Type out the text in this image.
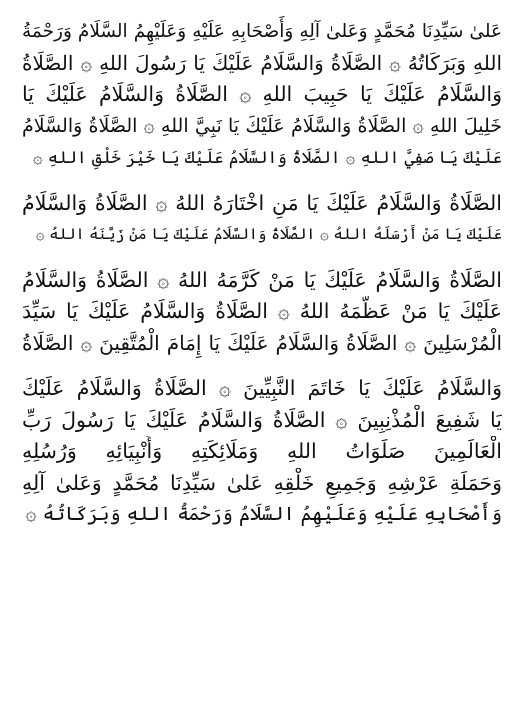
عَلىٰ سَيِّدِنَا مُحَمَّدٍ وَعَلىٰ آلِهِ وَأَصْحَابِهِ عَلَيْهِ وَعَلَيْهِمُ السَّلَامُ وَرَحْمَةُ
اللهِ وَبَرَكَاتُهُ ۞ الصَّلَاةُ وَالسَّلَامُ عَلَيْكَ يَا رَسُولَ اللهِ ۞ الصَّلَاةُ
وَالسَّلَامُ عَلَيْكَ يَا حَبِيبَ اللهِ ۞ الصَّلَاةُ وَالسَّلَامُ عَلَيْكَ يَا
خَلِيلَ اللهِ ۞ الصَّلَاةُ وَالسَّلَامُ عَلَيْكَ يَا نَبِيَّ اللهِ ۞ الصَّلَاةُ وَالسَّلَامُ
عَلَيْكَ يَا صَفِيَّ اللهِ ۞ الصَّلَاةُ وَالسَّلَامُ عَلَيْكَ يَا خَيْرَ خَلْقِ اللهِ ۞
الصَّلَاةُ وَالسَّلَامُ عَلَيْكَ يَا مَنِ اخْتَارَهُ اللهُ ۞ الصَّلَاةُ وَالسَّلَامُ
عَلَيْكَ يَا مَنْ أَرْسَلَهُ اللهُ ۞ الصَّلَاةُ وَالسَّلَامُ عَلَيْكَ يَا مَنْ زَيَّنَهُ اللهُ ۞
الصَّلَاةُ وَالسَّلَامُ عَلَيْكَ يَا مَنْ كَرَّمَهُ اللهُ ۞ الصَّلَاةُ وَالسَّلَامُ
عَلَيْكَ يَا مَنْ عَظَّمَهُ اللهُ ۞ الصَّلَاةُ وَالسَّلَامُ عَلَيْكَ يَا سَيِّدَ
الْمُرْسَلِينَ ۞ الصَّلَاةُ وَالسَّلَامُ عَلَيْكَ يَا إِمَامَ الْمُتَّقِينَ ۞ الصَّلَاةُ
وَالسَّلَامُ عَلَيْكَ يَا خَاتَمَ النَّبِيِّينَ ۞ الصَّلَاةُ وَالسَّلَامُ عَلَيْكَ
يَا شَفِيعَ الْمُذْنِبِينَ ۞ الصَّلَاةُ وَالسَّلَامُ عَلَيْكَ يَا رَسُولَ رَبِّ
الْعَالَمِينَ صَلَوَاتُ اللهِ وَمَلَائِكَتِهِ وَأَنْبِيَائِهِ وَرُسُلِهِ
وَحَمَلَةِ عَرْشِهِ وَجَمِيعِ خَلْقِهِ عَلىٰ سَيِّدِنَا مُحَمَّدٍ وَعَلىٰ آلِهِ
وَأَصْحَابِهِ عَلَيْهِ وَعَلَيْهِمُ السَّلَامُ وَرَحْمَةُ اللهِ وَبَرَكَاتُهُ ۞
